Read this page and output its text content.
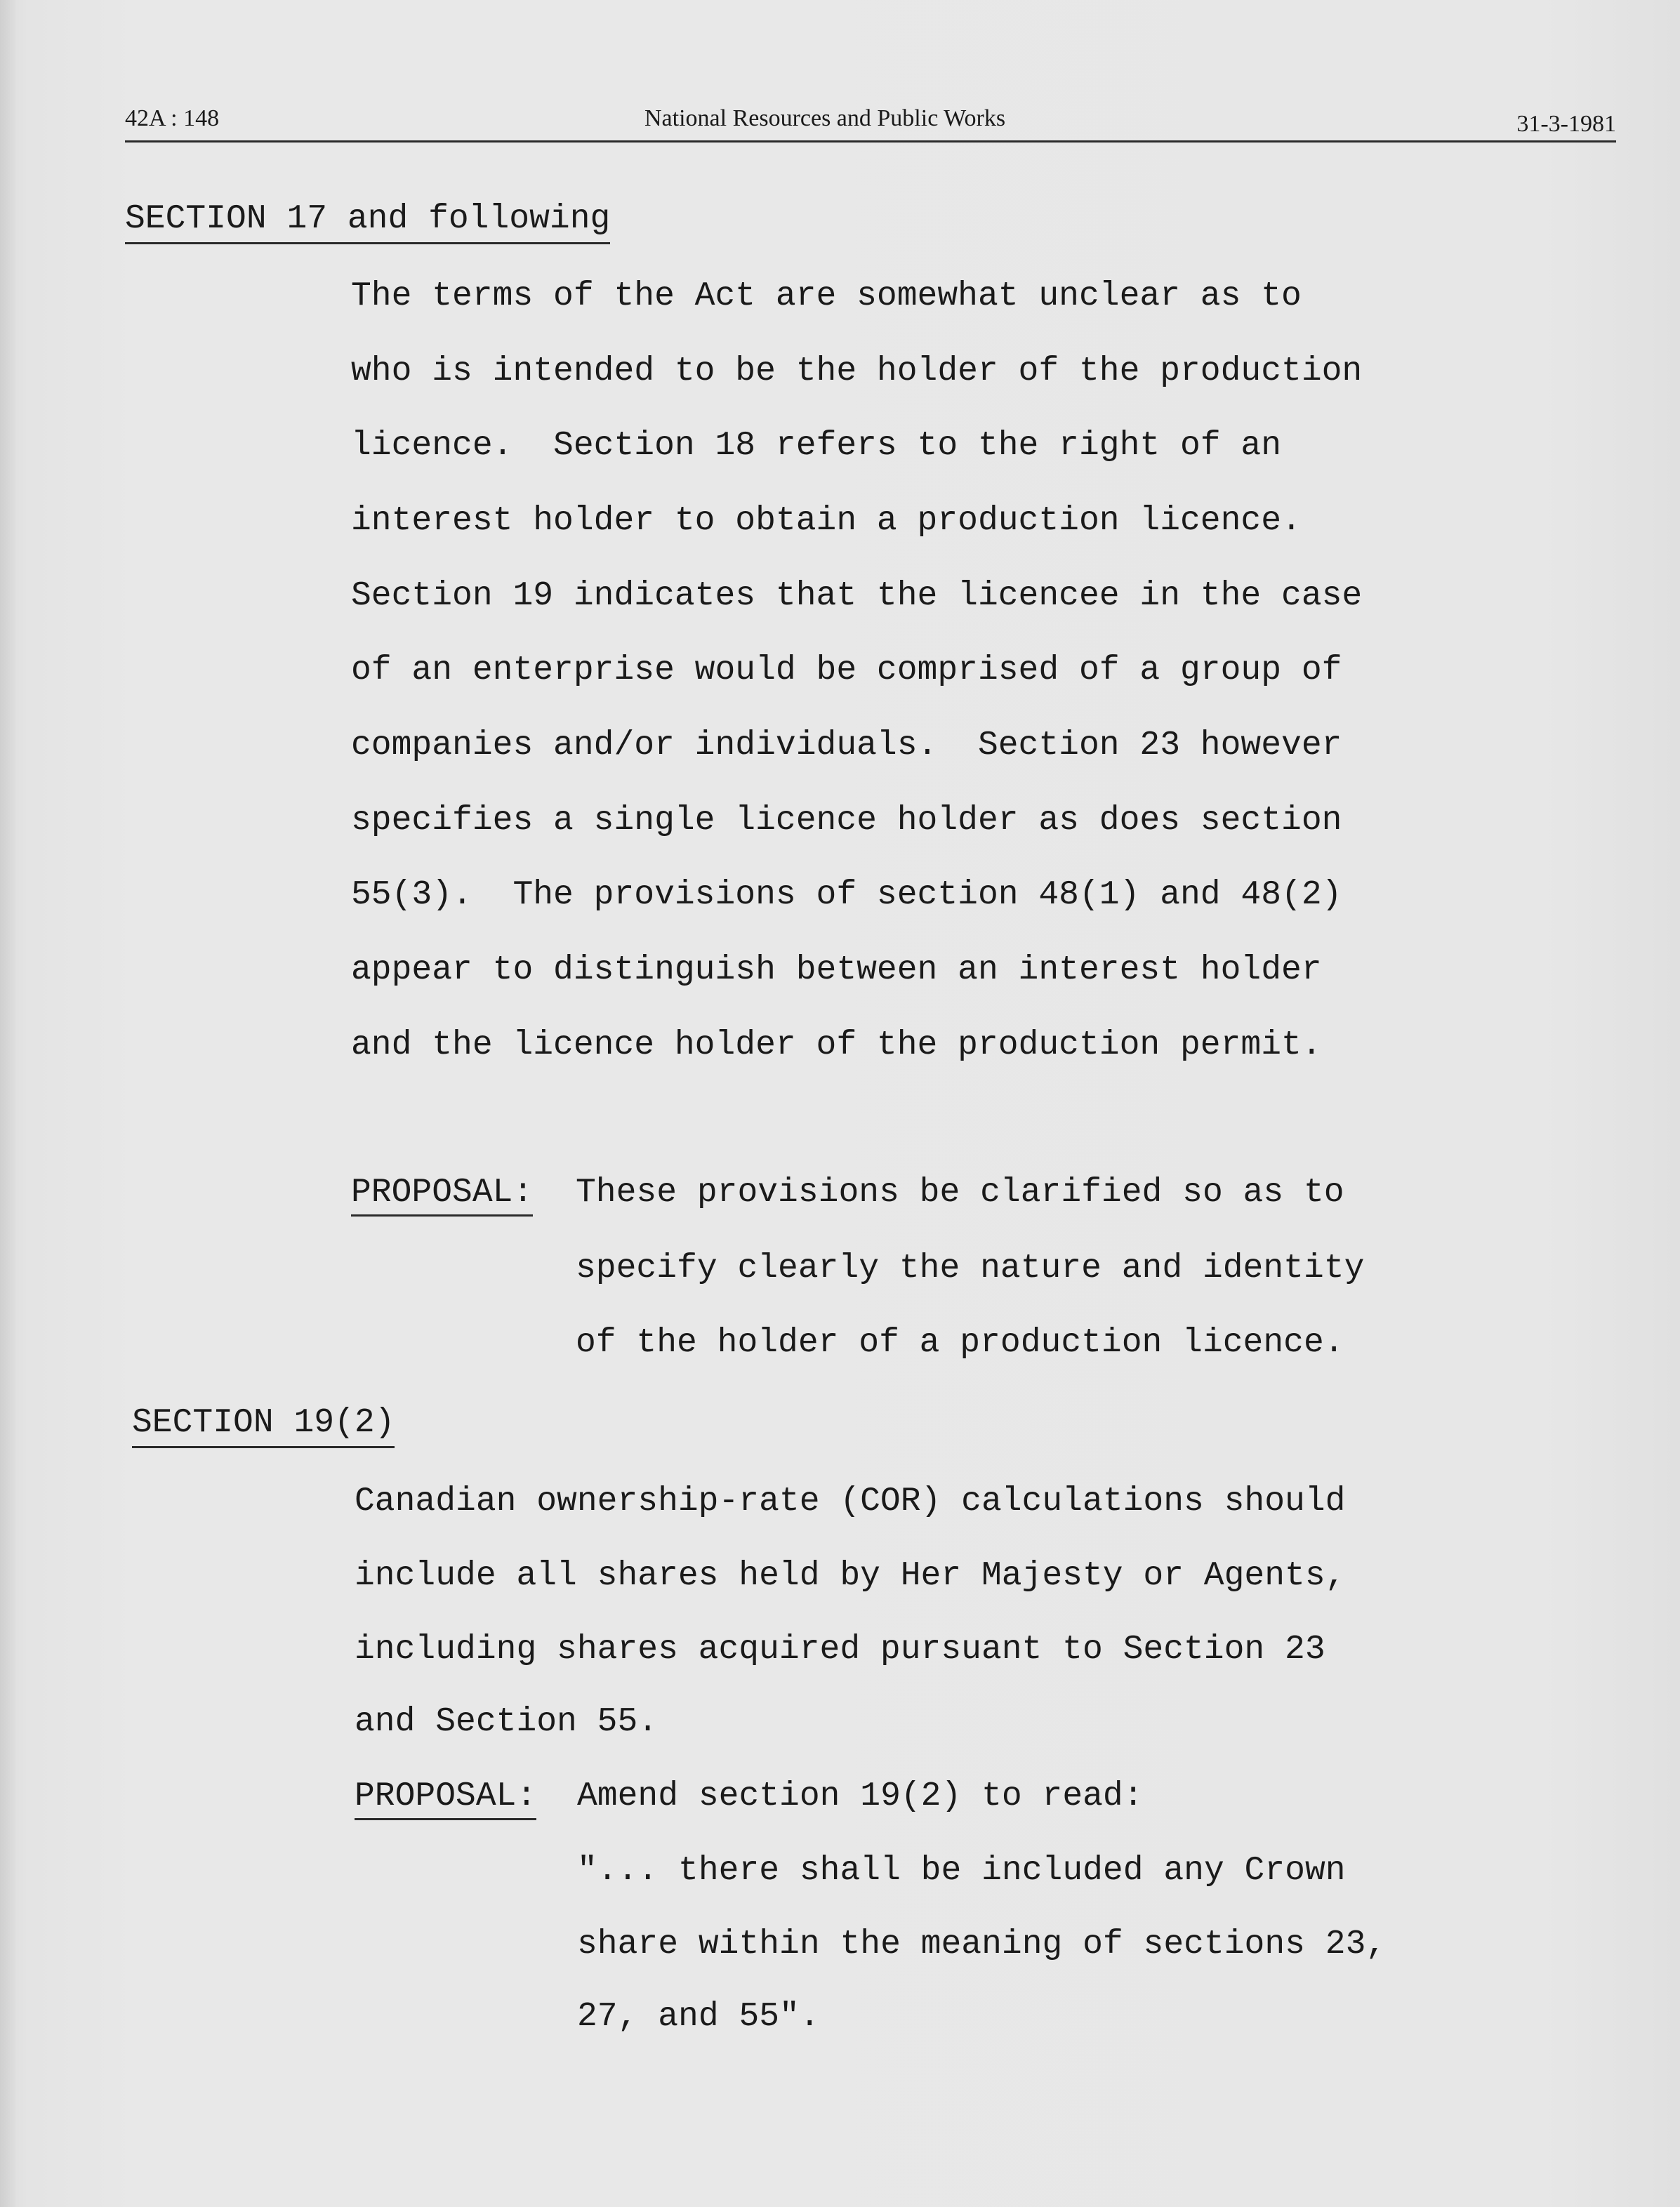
42A : 148	National Resources and Public Works	31-3-1981
SECTION 17 and following
The terms of the Act are somewhat unclear as to
who is intended to be the holder of the production
licence.  Section 18 refers to the right of an
interest holder to obtain a production licence.
Section 19 indicates that the licencee in the case
of an enterprise would be comprised of a group of
companies and/or individuals.  Section 23 however
specifies a single licence holder as does section
55(3).  The provisions of section 48(1) and 48(2)
appear to distinguish between an interest holder
and the licence holder of the production permit.
PROPOSAL: These provisions be clarified so as to
specify clearly the nature and identity
of the holder of a production licence.
SECTION 19(2)
Canadian ownership-rate (COR) calculations should
include all shares held by Her Majesty or Agents,
including shares acquired pursuant to Section 23
and Section 55.
PROPOSAL: Amend section 19(2) to read:
"... there shall be included any Crown
share within the meaning of sections 23,
27, and 55".
